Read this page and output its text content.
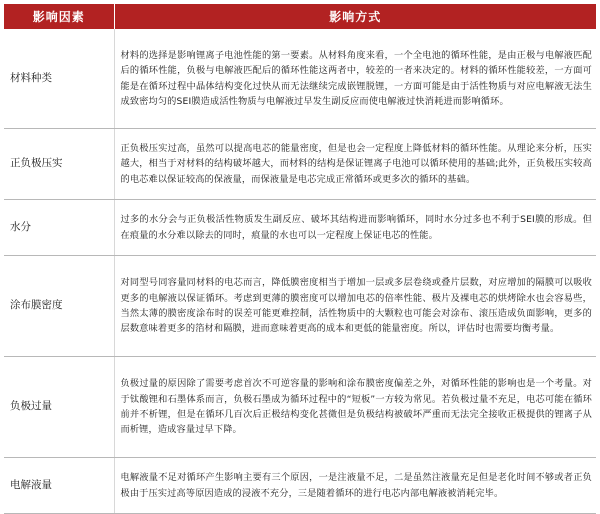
影响因素	影响方式
材料种类	材料的选择是影响锂离子电池性能的第一要素。从材料角度来看，一个全电池的循环性能，是由正极与电解液匹配后的循环性能，负极与电解液匹配后的循环性能这两者中，较差的一者来决定的。材料的循环性能较差，一方面可能是在循环过程中晶体结构变化过快从而无法继续完成嵌锂脱锂，一方面可能是由于活性物质与对应电解液无法生成致密均匀的SEI膜造成活性物质与电解液过早发生副反应而使电解液过快消耗进而影响循环。
正负极压实	正负极压实过高，虽然可以提高电芯的能量密度，但是也会一定程度上降低材料的循环性能。从理论来分析，压实越大，相当于对材料的结构破坏越大，而材料的结构是保证锂离子电池可以循环使用的基础;此外，正负极压实较高的电芯难以保证较高的保液量，而保液量是电芯完成正常循环或更多次的循环的基础。
水分	过多的水分会与正负极活性物质发生副反应、破坏其结构进而影响循环，同时水分过多也不利于SEI膜的形成。但在痕量的水分难以除去的同时，痕量的水也可以一定程度上保证电芯的性能。
涂布膜密度	对同型号同容量同材料的电芯而言，降低膜密度相当于增加一层或多层卷绕或叠片层数，对应增加的隔膜可以吸收更多的电解液以保证循环。考虑到更薄的膜密度可以增加电芯的倍率性能、极片及裸电芯的烘烤除水也会容易些，当然太薄的膜密度涂布时的误差可能更难控制，活性物质中的大颗粒也可能会对涂布、滚压造成负面影响，更多的层数意味着更多的箔材和隔膜，进而意味着更高的成本和更低的能量密度。所以，评估时也需要均衡考量。
负极过量	负极过量的原因除了需要考虑首次不可逆容量的影响和涂布膜密度偏差之外，对循环性能的影响也是一个考量。对于钛酸锂和石墨体系而言，负极石墨成为循环过程中的“短板”一方较为常见。若负极过量不充足，电芯可能在循环前并不析锂，但是在循环几百次后正极结构变化甚微但是负极结构被破坏严重而无法完全接收正极提供的锂离子从而析锂，造成容量过早下降。
电解液量	电解液量不足对循环产生影响主要有三个原因，一是注液量不足，二是虽然注液量充足但是老化时间不够或者正负极由于压实过高等原因造成的浸液不充分，三是随着循环的进行电芯内部电解液被消耗完毕。
